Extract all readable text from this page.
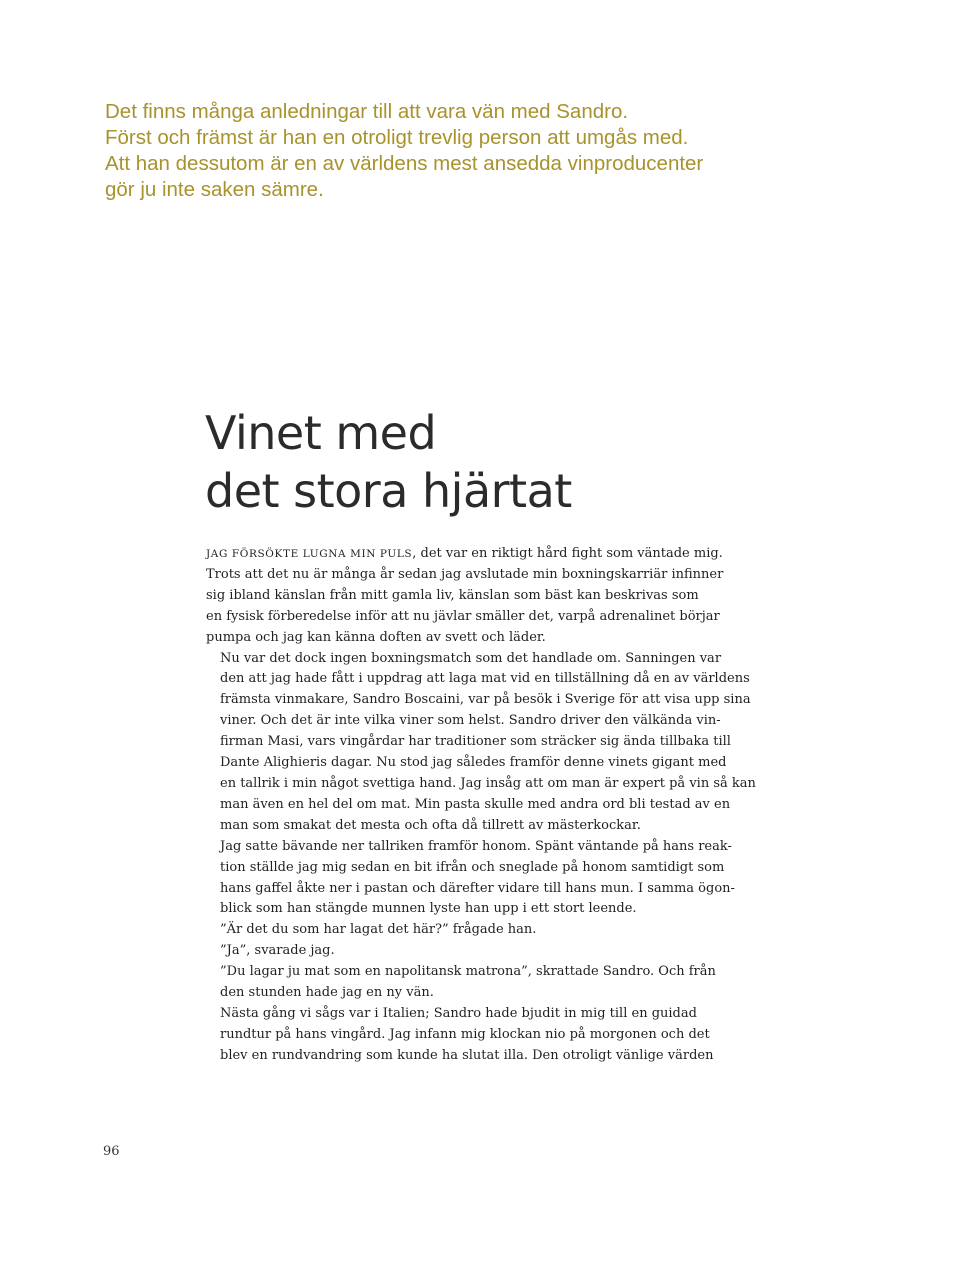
Det finns många anledningar till att vara vän med Sandro.
Först och främst är han en otroligt trevlig person att umgås med.
Att han dessutom är en av världens mest ansedda vinproducenter
gör ju inte saken sämre.
Vinet med
det stora hjärtat

JAG FÖRSÖKTE LUGNA MIN PULS, det var en riktigt hård fight som väntade mig.
Trots att det nu är många år sedan jag avslutade min boxningskarriär infinner
sig ibland känslan från mitt gamla liv, känslan som bäst kan beskrivas som
en fysisk förberedelse inför att nu jävlar smäller det, varpå adrenalinet börjar
pumpa och jag kan känna doften av svett och läder.

Nu var det dock ingen boxningsmatch som det handlade om. Sanningen var
den att jag hade fått i uppdrag att laga mat vid en tillställning då en av världens
främsta vinmakare, Sandro Boscaini, var på besök i Sverige för att visa upp sina
viner. Och det är inte vilka viner som helst. Sandro driver den välkända vin-
firman Masi, vars vingårdar har traditioner som sträcker sig ända tillbaka till
Dante Alighieris dagar. Nu stod jag således framför denne vinets gigant med
en tallrik i min något svettiga hand. Jag insåg att om man är expert på vin så kan
man även en hel del om mat. Min pasta skulle med andra ord bli testad av en
man som smakat det mesta och ofta då tillrett av mästerkockar.

Jag satte bävande ner tallriken framför honom. Spänt väntande på hans reak-
tion ställde jag mig sedan en bit ifrån och sneglade på honom samtidigt som
hans gaffel åkte ner i pastan och därefter vidare till hans mun. I samma ögon-
blick som han stängde munnen lyste han upp i ett stort leende.

”Är det du som har lagat det här?” frågade han.

”Ja”, svarade jag.

”Du lagar ju mat som en napolitansk matrona”, skrattade Sandro. Och från
den stunden hade jag en ny vän.

Nästa gång vi sågs var i Italien; Sandro hade bjudit in mig till en guidad
rundtur på hans vingård. Jag infann mig klockan nio på morgonen och det
blev en rundvandring som kunde ha slutat illa. Den otroligt vänlige värden

96
